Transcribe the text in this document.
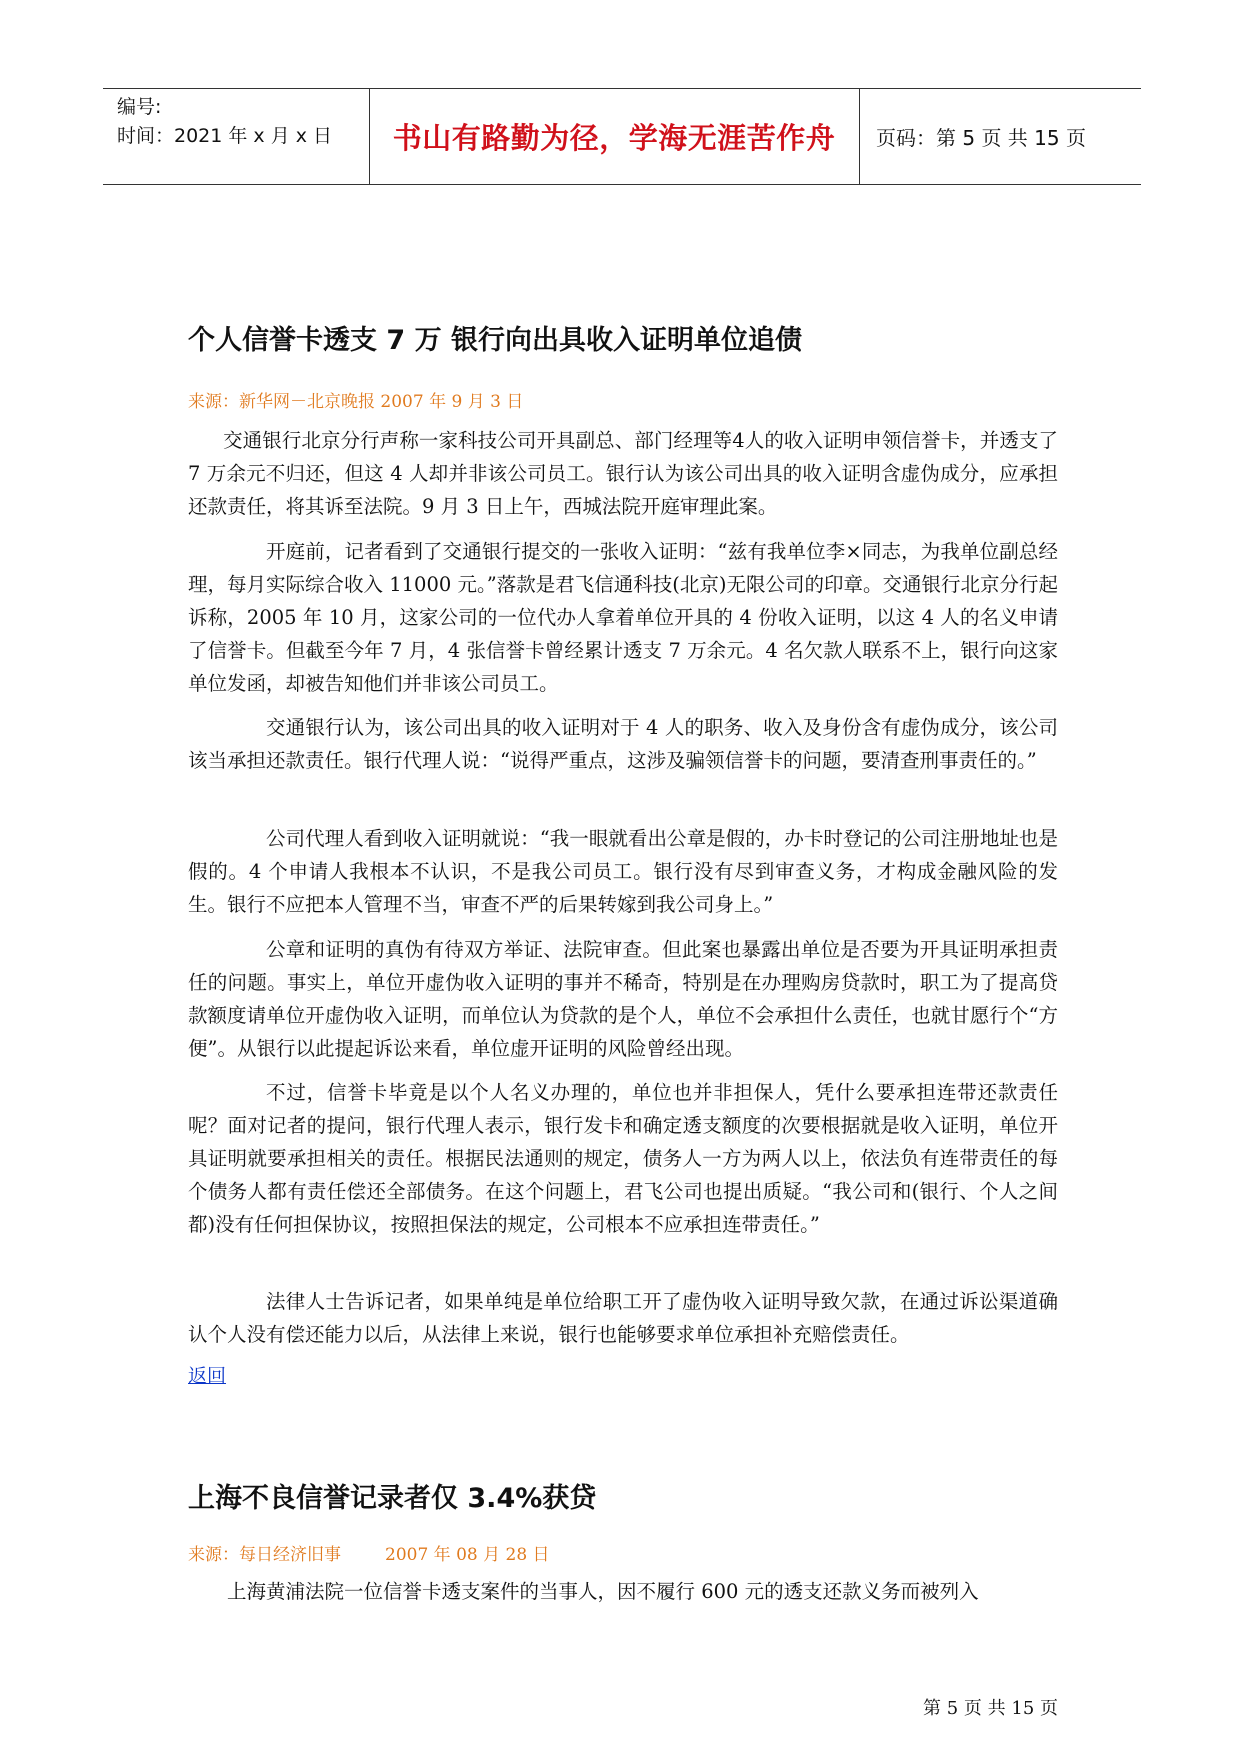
编号:
时间：2021 年 x 月 x 日 书山有路勤为径，学海无涯苦作舟 页码：第 5 页 共 15 页
个人信誉卡透支 7 万 银行向出具收入证明单位追债
来源：新华网－北京晚报 2007 年 9 月 3 日

交通银行北京分行声称一家科技公司开具副总、部门经理等4人的收入证明申领信誉卡，并透支了 7 万余元不归还，但这 4 人却并非该公司员工。银行认为该公司出具的收入证明含虚伪成分，应承担还款责任，将其诉至法院。9 月 3 日上午，西城法院开庭审理此案。

开庭前，记者看到了交通银行提交的一张收入证明：“兹有我单位李×同志，为我单位副总经理，每月实际综合收入 11000 元。”落款是君飞信通科技(北京)无限公司的印章。交通银行北京分行起诉称，2005 年 10 月，这家公司的一位代办人拿着单位开具的 4 份收入证明，以这 4 人的名义申请了信誉卡。但截至今年 7 月，4 张信誉卡曾经累计透支 7 万余元。4 名欠款人联系不上，银行向这家单位发函，却被告知他们并非该公司员工。

交通银行认为，该公司出具的收入证明对于 4 人的职务、收入及身份含有虚伪成分，该公司该当承担还款责任。银行代理人说：“说得严重点，这涉及骗领信誉卡的问题，要清查刑事责任的。”

公司代理人看到收入证明就说：“我一眼就看出公章是假的，办卡时登记的公司注册地址也是假的。4 个申请人我根本不认识，不是我公司员工。银行没有尽到审查义务，才构成金融风险的发生。银行不应把本人管理不当，审查不严的后果转嫁到我公司身上。”

公章和证明的真伪有待双方举证、法院审查。但此案也暴露出单位是否要为开具证明承担责任的问题。事实上，单位开虚伪收入证明的事并不稀奇，特别是在办理购房贷款时，职工为了提高贷款额度请单位开虚伪收入证明，而单位认为贷款的是个人，单位不会承担什么责任，也就甘愿行个“方便”。从银行以此提起诉讼来看，单位虚开证明的风险曾经出现。

不过，信誉卡毕竟是以个人名义办理的，单位也并非担保人，凭什么要承担连带还款责任呢？面对记者的提问，银行代理人表示，银行发卡和确定透支额度的次要根据就是收入证明，单位开具证明就要承担相关的责任。根据民法通则的规定，债务人一方为两人以上，依法负有连带责任的每个债务人都有责任偿还全部债务。在这个问题上，君飞公司也提出质疑。“我公司和(银行、个人之间都)没有任何担保协议，按照担保法的规定，公司根本不应承担连带责任。”

法律人士告诉记者，如果单纯是单位给职工开了虚伪收入证明导致欠款，在通过诉讼渠道确认个人没有偿还能力以后，从法律上来说，银行也能够要求单位承担补充赔偿责任。

返回
上海不良信誉记录者仅 3.4%获贷
来源：每日经济旧事	2007 年 08 月 28 日

上海黄浦法院一位信誉卡透支案件的当事人，因不履行 600 元的透支还款义务而被列入

第 5 页 共 15 页
